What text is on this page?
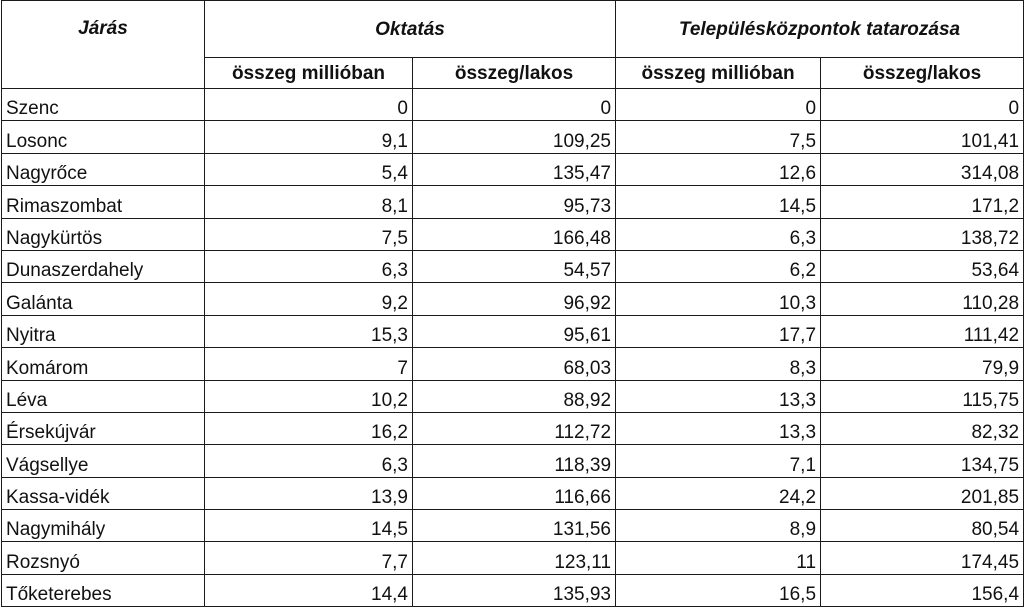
Járás	Oktatás		Településközpontok tatarozása	
	összeg millióban	összeg/lakos	összeg millióban	összeg/lakos
Szenc	0	0	0	0
Losonc	9,1	109,25	7,5	101,41
Nagyrőce	5,4	135,47	12,6	314,08
Rimaszombat	8,1	95,73	14,5	171,2
Nagykürtös	7,5	166,48	6,3	138,72
Dunaszerdahely	6,3	54,57	6,2	53,64
Galánta	9,2	96,92	10,3	110,28
Nyitra	15,3	95,61	17,7	111,42
Komárom	7	68,03	8,3	79,9
Léva	10,2	88,92	13,3	115,75
Érsekújvár	16,2	112,72	13,3	82,32
Vágsellye	6,3	118,39	7,1	134,75
Kassa-vidék	13,9	116,66	24,2	201,85
Nagymihály	14,5	131,56	8,9	80,54
Rozsnyó	7,7	123,11	11	174,45
Tőketerebes	14,4	135,93	16,5	156,4
